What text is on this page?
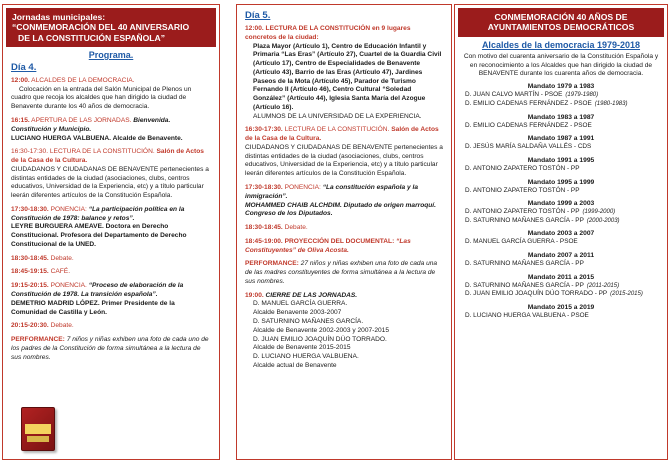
Jornadas municipales:
“CONMEMORACIÓN DEL 40 ANIVERSARIO
DE LA CONSTITUCIÓN ESPAÑOLA”
Programa.
Día 4.
12:00. ALCALDES DE LA DEMOCRACIA.
Colocación en la entrada del Salón Municipal de Plenos un cuadro que recoja los alcaldes que han dirigido la ciudad de Benavente durante los 40 años de democracia.
16:15. APERTURA DE LAS JORNADAS. Bienvenida. Constitución y Municipio.
LUCIANO HUERGA VALBUENA. Alcalde de Benavente.
16:30-17:30. LECTURA DE LA CONSTITUCIÓN. Salón de Actos de la Casa de la Cultura.
CIUDADANOS Y CIUDADANAS DE BENAVENTE pertenecientes a distintas entidades de la ciudad (asociaciones, clubs, centros educativos, Universidad de la Experiencia, etc) y a título particular leerán diferentes artículos de la Constitución Española.
17:30-18:30. PONENCIA: “La participación política en la Constitución de 1978: balance y retos”.
LEYRE BURGUERA AMEAVE. Doctora en Derecho Constitucional. Profesora del Departamento de Derecho Constitucional de la UNED.
18:30-18:45. Debate.
18:45-19:15. CAFÉ.
19:15-20:15. PONENCIA. “Proceso de elaboración de la Constitución de 1978. La transición española”.
DEMETRIO MADRID LÓPEZ. Primer Presidente de la Comunidad de Castilla y León.
20:15-20:30. Debate.
PERFORMANCE: 7 niños y niñas exhiben una foto de cada uno de los padres de la Constitución de forma simultánea a la lectura de sus nombres.
Día 5.
12:00. LECTURA DE LA CONSTITUCIÓN en 9 lugares concretos de la ciudad:
Plaza Mayor (Artículo 1), Centro de Educación Infantil y Primaria “Las Eras” (Artículo 27), Cuartel de la Guardia Civil (Artículo 17), Centro de Especialidades de Benavente (Artículo 43), Barrio de las Eras (Artículo 47), Jardines Paseos de la Mota (Artículo 45), Parador de Turismo Fernando II (Artículo 46), Centro Cultural “Soledad González” (Artículo 44), Iglesia Santa María del Azogue (Artículo 16).
ALUMNOS DE LA UNIVERSIDAD DE LA EXPERIENCIA.
16:30-17:30. LECTURA DE LA CONSTITUCIÓN. Salón de Actos de la Casa de la Cultura.
CIUDADANOS Y CIUDADANAS DE BENAVENTE pertenecientes a distintas entidades de la ciudad (asociaciones, clubs, centros educativos, Universidad de la Experiencia, etc) y a título particular leerán diferentes artículos de la Constitución Española.
17:30-18:30. PONENCIA: “La constitución española y la inmigración”.
MOHAMMED CHAIB ALCHDIM. Diputado de origen marroquí. Congreso de los Diputados.
18:30-18:45. Debate.
18:45-19:00. PROYECCIÓN DEL DOCUMENTAL: “Las Constituyentes” de Oliva Acosta.
PERFORMANCE: 27 niños y niñas exhiben una foto de cada una de las madres constituyentes de forma simultánea a la lectura de sus nombres.
19:00. CIERRE DE LAS JORNADAS.
D. MANUEL GARCÍA GUERRA.
Alcalde Benavente 2003-2007
D. SATURNINO MAÑANES GARCÍA.
Alcalde de Benavente 2002-2003 y 2007-2015
D. JUAN EMILIO JOAQUÍN DÚO TORRADO.
Alcalde de Benavente 2015-2015
D. LUCIANO HUERGA VALBUENA.
Alcalde actual de Benavente
CONMEMORACIÓN 40 AÑOS DE
AYUNTAMIENTOS DEMOCRÁTICOS
Alcaldes de la democracia 1979-2018
Con motivo del cuarenta aniversario de la Constitución Española y en reconocimiento a los Alcaldes que han dirigido la ciudad de BENAVENTE durante los cuarenta años de democracia.
Mandato 1979 a 1983
D. JUAN CALVO MARTÍN - PSOE (1979-1980)
D. EMILIO CADENAS FERNÁNDEZ - PSOE (1980-1983)
Mandato 1983 a 1987
D. EMILIO CADENAS FERNÁNDEZ - PSOE
Mandato 1987 a 1991
D. JESÚS MARÍA SALDAÑA VALLÉS - CDS
Mandato 1991 a 1995
D. ANTONIO ZAPATERO TOSTÓN - PP
Mandato 1995 a 1999
D. ANTONIO ZAPATERO TOSTÓN - PP
Mandato 1999 a 2003
D. ANTONIO ZAPATERO TOSTÓN - PP (1999-2000)
D. SATURNINO MAÑANES GARCÍA - PP (2000-2003)
Mandato 2003 a 2007
D. MANUEL GARCÍA GUERRA - PSOE
Mandato 2007 a 2011
D. SATURNINO MAÑANES GARCÍA - PP
Mandato 2011 a 2015
D. SATURNINO MAÑANES GARCÍA - PP (2011-2015)
D. JUAN EMILIO JOAQUÍN DÚO TORRADO - PP (2015-2015)
Mandato 2015 a 2019
D. LUCIANO HUERGA VALBUENA - PSOE
